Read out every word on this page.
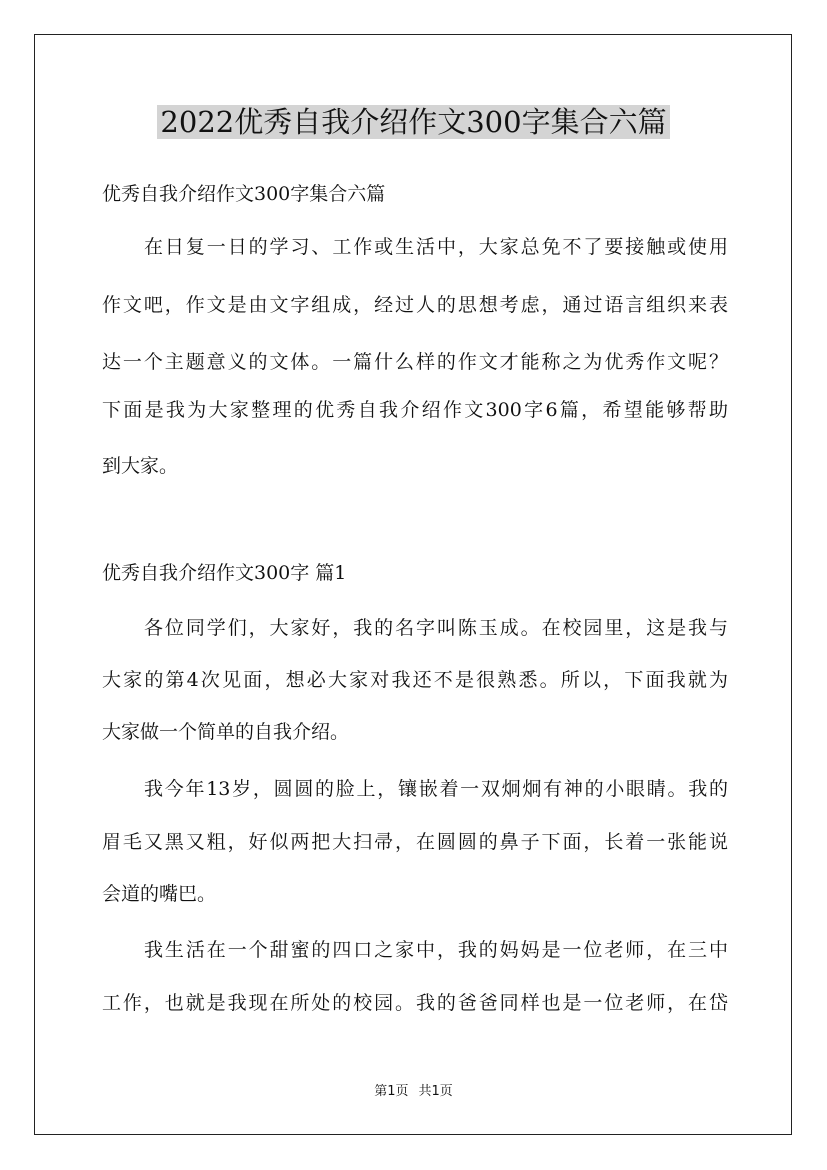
2022优秀自我介绍作文300字集合六篇
优秀自我介绍作文300字集合六篇
在日复一日的学习、工作或生活中，大家总免不了要接触或使用
作文吧，作文是由文字组成，经过人的思想考虑，通过语言组织来表
达一个主题意义的文体。一篇什么样的作文才能称之为优秀作文呢？
下面是我为大家整理的优秀自我介绍作文300字6篇，希望能够帮助
到大家。
优秀自我介绍作文300字 篇1
各位同学们，大家好，我的名字叫陈玉成。在校园里，这是我与
大家的第4次见面，想必大家对我还不是很熟悉。所以，下面我就为
大家做一个简单的自我介绍。
我今年13岁，圆圆的脸上，镶嵌着一双炯炯有神的小眼睛。我的
眉毛又黑又粗，好似两把大扫帚，在圆圆的鼻子下面，长着一张能说
会道的嘴巴。
我生活在一个甜蜜的四口之家中，我的妈妈是一位老师，在三中
工作，也就是我现在所处的校园。我的爸爸同样也是一位老师，在岱
第1页 共1页
